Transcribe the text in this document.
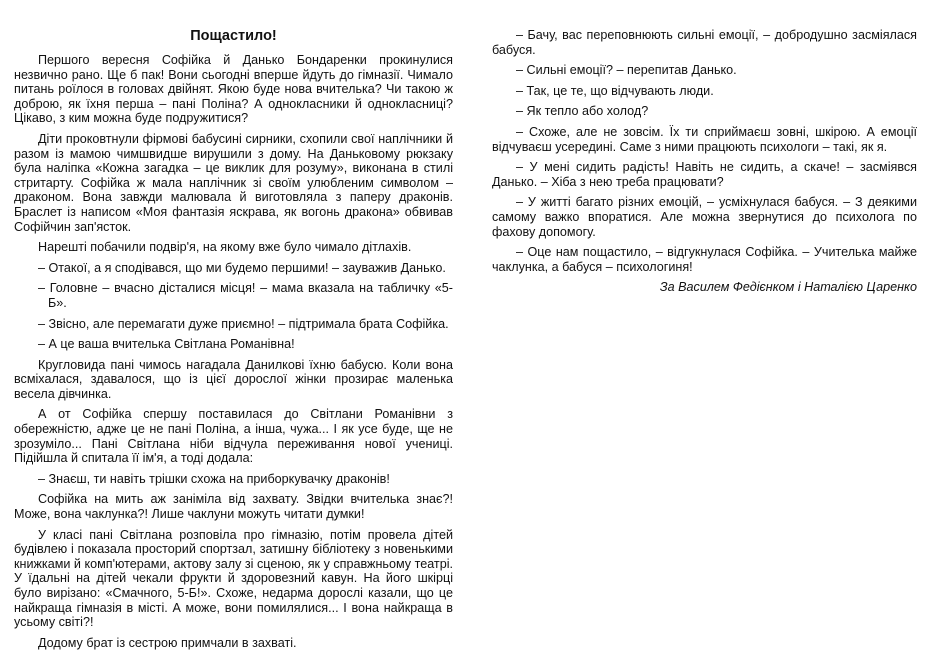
Пощастило!

Першого вересня Софійка й Данько Бондаренки прокинулися незвично рано. Ще б пак! Вони сьогодні вперше йдуть до гімназії. Чимало питань роїлося в головах двійнят. Якою буде нова вчителька? Чи такою ж доброю, як їхня перша – пані Поліна? А однокласники й однокласниці? Цікаво, з ким можна буде подружитися?

Діти проковтнули фірмові бабусині сирники, схопили свої наплічники й разом із мамою чимшвидше вирушили з дому. На Даньковому рюкзаку була наліпка «Кожна загадка – це виклик для розуму», виконана в стилі стритарту. Софійка ж мала наплічник зі своїм улюбленим символом – драконом. Вона завжди малювала й виготовляла з паперу драконів. Браслет із написом «Моя фантазія яскрава, як вогонь дракона» обвивав Софійчин зап'ясток.

Нарешті побачили подвір'я, на якому вже було чимало дітлахів.

– Отакої, а я сподівався, що ми будемо першими! – зауважив Данько.

– Головне – вчасно дісталися місця! – мама вказала на табличку «5-Б».

– Звісно, але перемагати дуже приємно! – підтримала брата Софійка.

– А це ваша вчителька Світлана Романівна!

Кругловида пані чимось нагадала Данилкові їхню бабусю. Коли вона всміхалася, здавалося, що із цієї дорослої жінки прозирає маленька весела дівчинка.

А от Софійка спершу поставилася до Світлани Романівни з обережністю, адже це не пані Поліна, а інша, чужа... І як усе буде, ще не зрозуміло... Пані Світлана ніби відчула переживання нової учениці. Підійшла й спитала її ім'я, а тоді додала:

– Знаєш, ти навіть трішки схожа на приборкувачку драконів!

Софійка на мить аж заніміла від захвату. Звідки вчителька знає?! Може, вона чаклунка?! Лише чаклуни можуть читати думки!

У класі пані Світлана розповіла про гімназію, потім провела дітей будівлею і показала просторий спортзал, затишну бібліотеку з новенькими книжками й комп'ютерами, актову залу зі сценою, як у справжньому театрі. У їдальні на дітей чекали фрукти й здоровезний кавун. На його шкірці було вирізано: «Смачного, 5-Б!». Схоже, недарма дорослі казали, що це найкраща гімназія в місті. А може, вони помилялися... І вона найкраща в усьому світі?!

Додому брат із сестрою примчали в захваті.

– Бачу, вас переповнюють сильні емоції, – добродушно засміялася бабуся.

– Сильні емоції? – перепитав Данько.

– Так, це те, що відчувають люди.

– Як тепло або холод?

– Схоже, але не зовсім. Їх ти сприймаєш зовні, шкірою. А емоції відчуваєш усередині. Саме з ними працюють психологи – такі, як я.

– У мені сидить радість! Навіть не сидить, а скаче! – засміявся Данько. – Хіба з нею треба працювати?

– У житті багато різних емоцій, – усміхнулася бабуся. – З деякими самому важко впоратися. Але можна звернутися до психолога по фахову допомогу.

– Оце нам пощастило, – відгукнулася Софійка. – Учителька майже чаклунка, а бабуся – психологиня!

За Василем Федієнком і Наталією Царенко
